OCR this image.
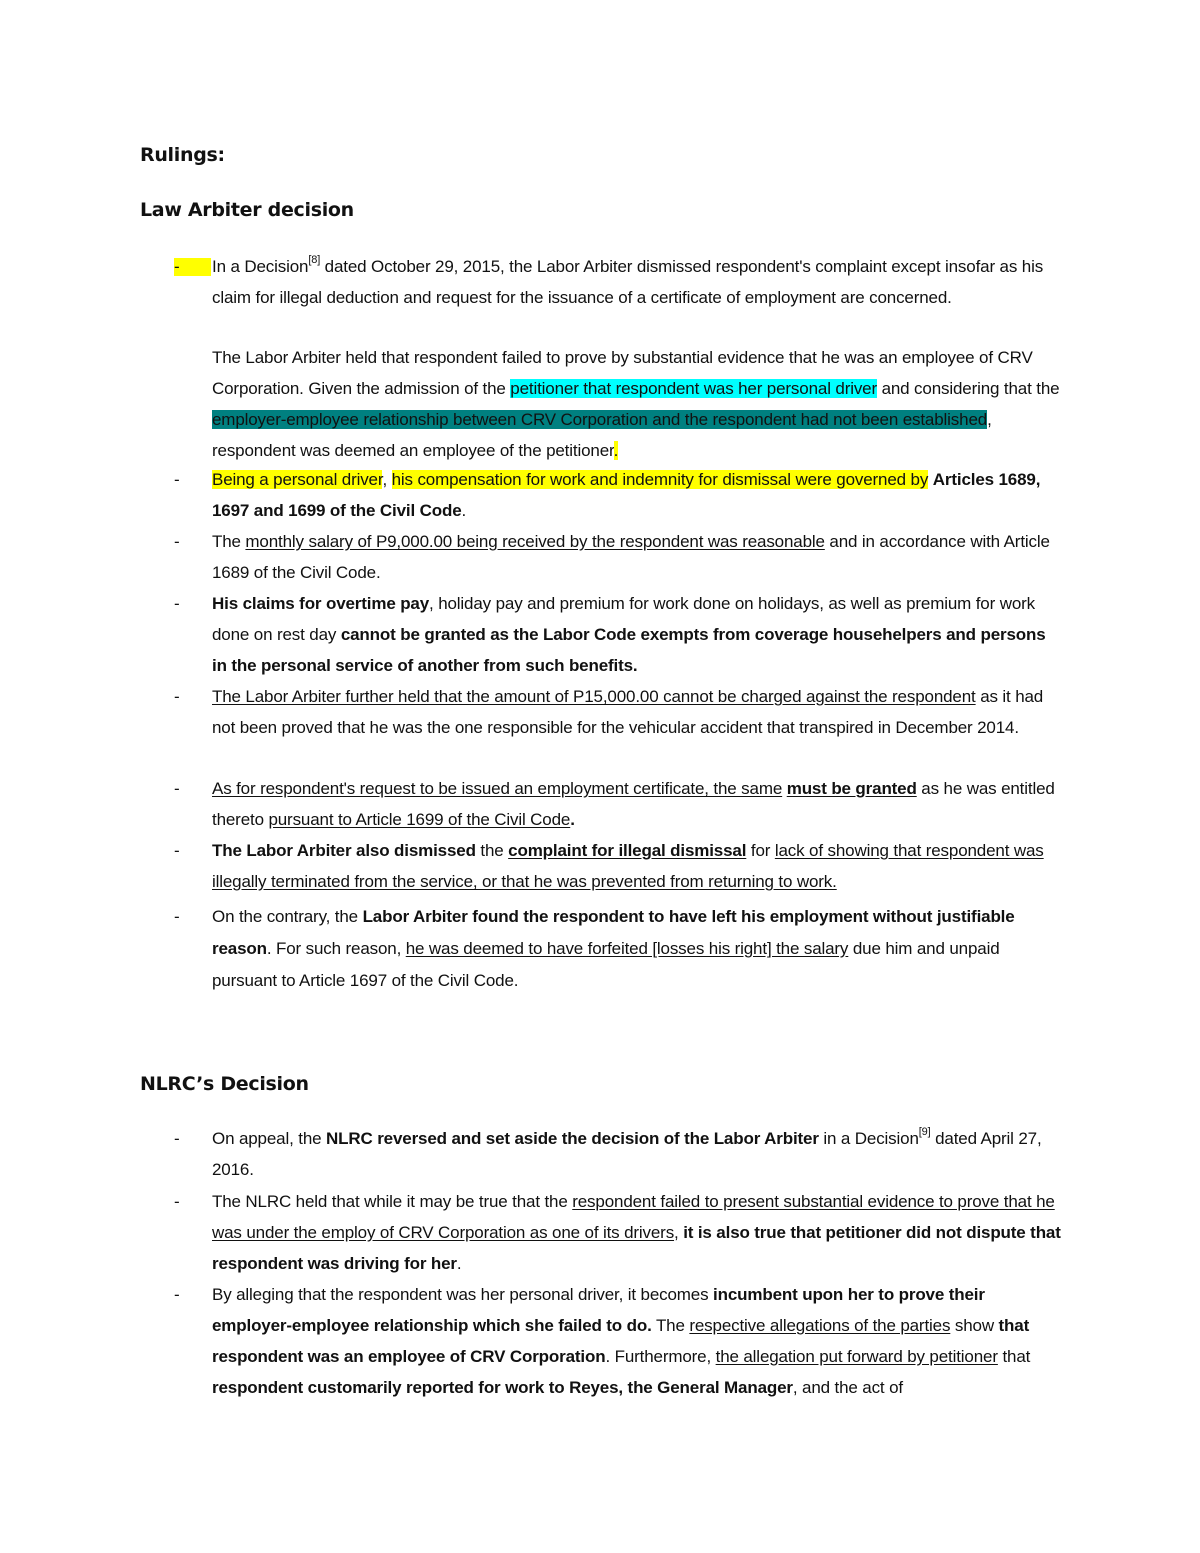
Rulings:
Law Arbiter decision
- In a Decision[8] dated October 29, 2015, the Labor Arbiter dismissed respondent's complaint except insofar as his claim for illegal deduction and request for the issuance of a certificate of employment are concerned.
The Labor Arbiter held that respondent failed to prove by substantial evidence that he was an employee of CRV Corporation. Given the admission of the petitioner that respondent was her personal driver and considering that the employer-employee relationship between CRV Corporation and the respondent had not been established, respondent was deemed an employee of the petitioner.
- Being a personal driver, his compensation for work and indemnity for dismissal were governed by Articles 1689, 1697 and 1699 of the Civil Code.
- The monthly salary of P9,000.00 being received by the respondent was reasonable and in accordance with Article 1689 of the Civil Code.
- His claims for overtime pay, holiday pay and premium for work done on holidays, as well as premium for work done on rest day cannot be granted as the Labor Code exempts from coverage househelpers and persons in the personal service of another from such benefits.
- The Labor Arbiter further held that the amount of P15,000.00 cannot be charged against the respondent as it had not been proved that he was the one responsible for the vehicular accident that transpired in December 2014.
- As for respondent's request to be issued an employment certificate, the same must be granted as he was entitled thereto pursuant to Article 1699 of the Civil Code.
- The Labor Arbiter also dismissed the complaint for illegal dismissal for lack of showing that respondent was illegally terminated from the service, or that he was prevented from returning to work.
- On the contrary, the Labor Arbiter found the respondent to have left his employment without justifiable reason. For such reason, he was deemed to have forfeited [losses his right] the salary due him and unpaid pursuant to Article 1697 of the Civil Code.
NLRC’s Decision
- On appeal, the NLRC reversed and set aside the decision of the Labor Arbiter in a Decision[9] dated April 27, 2016.
- The NLRC held that while it may be true that the respondent failed to present substantial evidence to prove that he was under the employ of CRV Corporation as one of its drivers, it is also true that petitioner did not dispute that respondent was driving for her.
- By alleging that the respondent was her personal driver, it becomes incumbent upon her to prove their employer-employee relationship which she failed to do. The respective allegations of the parties show that respondent was an employee of CRV Corporation. Furthermore, the allegation put forward by petitioner that respondent customarily reported for work to Reyes, the General Manager, and the act of
